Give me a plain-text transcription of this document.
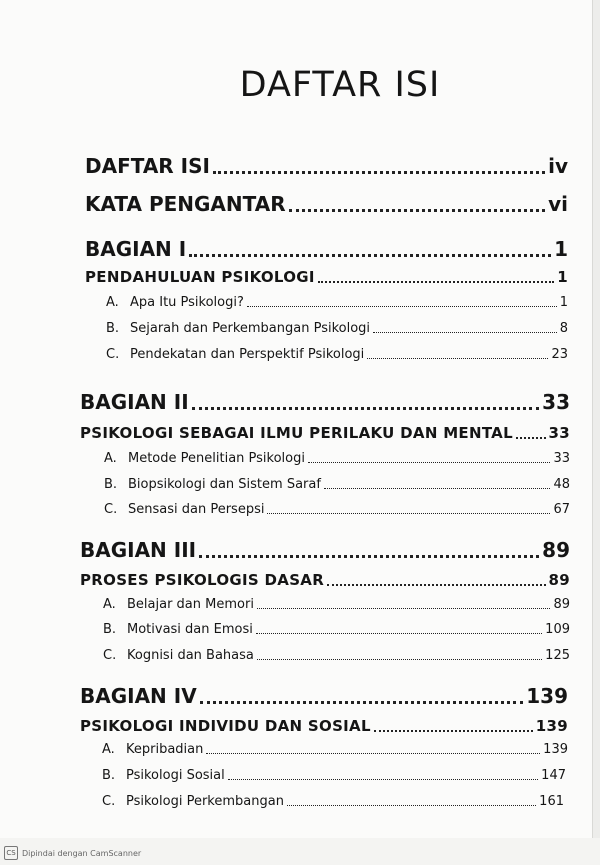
DAFTAR ISI
DAFTAR ISI	iv
KATA PENGANTAR	vi
BAGIAN I	1
PENDAHULUAN PSIKOLOGI	1
A. Apa Itu Psikologi?	1
B. Sejarah dan Perkembangan Psikologi	8
C. Pendekatan dan Perspektif Psikologi	23
BAGIAN II	33
PSIKOLOGI SEBAGAI ILMU PERILAKU DAN MENTAL 33
A. Metode Penelitian Psikologi	33
B. Biopsikologi dan Sistem Saraf	48
C. Sensasi dan Persepsi	67
BAGIAN III	89
PROSES PSIKOLOGIS DASAR	89
A. Belajar dan Memori	89
B. Motivasi dan Emosi	109
C. Kognisi dan Bahasa	125
BAGIAN IV	139
PSIKOLOGI INDIVIDU DAN SOSIAL	139
A. Kepribadian	139
B. Psikologi Sosial	147
C. Psikologi Perkembangan	161
CS Dipindai dengan CamScanner
